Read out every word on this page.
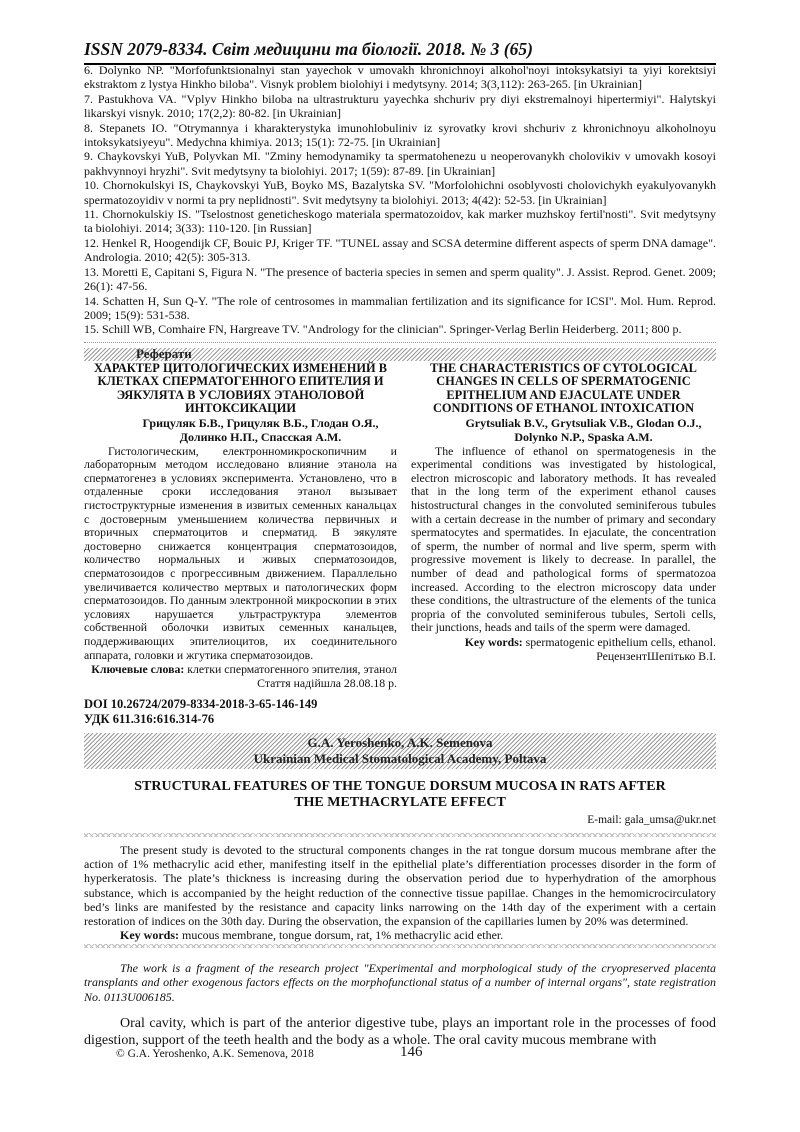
ISSN 2079-8334. Світ медицини та біології. 2018. № 3 (65)

6. Dolynko NP. "Morfofunktsionalnyi stan yayechok v umovakh khronichnoyi alkohol'noyi intoksykatsiyi ta yiyi korektsiyi ekstraktom z lystya Hinkho biloba". Visnyk problem biolohiyi i medytsyny. 2014; 3(3,112): 263-265. [in Ukrainian]

7. Pastukhova VA. "Vplyv Hinkho biloba na ultrastrukturu yayechka shchuriv pry diyi ekstremalnoyi hipertermiyi". Halytskyi likarskyi visnyk. 2010; 17(2,2): 80-82. [in Ukrainian]

8. Stepanets IO. "Otrymannya i kharakterystyka imunohlobuliniv iz syrovatky krovi shchuriv z khronichnoyu alkoholnoyu intoksykatsiyeyu". Medychna khimiya. 2013; 15(1): 72-75. [in Ukrainian]

9. Chaykovskyi YuB, Polyvkan MI. "Zminy hemodynamiky ta spermatohenezu u neoperovanykh cholovikiv v umovakh kosoyi pakhvynnoyi hryzhi". Svit medytsyny ta biolohiyi. 2017; 1(59): 87-89. [in Ukrainian]

10. Chornokulskyi IS, Chaykovskyi YuB, Boyko MS, Bazalytska SV. "Morfolohichni osoblyvosti cholovichykh eyakulyovanykh spermatozoyidiv v normi ta pry neplidnosti". Svit medytsyny ta biolohiyi. 2013; 4(42): 52-53. [in Ukrainian]

11. Chornokulskiy IS. "Tselostnost geneticheskogo materiala spermatozoidov, kak marker muzhskoy fertil'nosti". Svit medytsyny ta biolohiyi. 2014; 3(33): 110-120. [in Russian]

12. Henkel R, Hoogendijk CF, Bouic PJ, Kriger TF. "TUNEL assay and SCSA determine different aspects of sperm DNA damage". Andrologia. 2010; 42(5): 305-313.

13. Moretti E, Capitani S, Figura N. "The presence of bacteria species in semen and sperm quality". J. Assist. Reprod. Genet. 2009; 26(1): 47-56.

14. Schatten H, Sun Q-Y. "The role of centrosomes in mammalian fertilization and its significance for ICSI". Mol. Hum. Reprod. 2009; 15(9): 531-538.

15. Schill WB, Comhaire FN, Hargreave TV. "Andrology for the clinician". Springer-Verlag Berlin Heiderberg. 2011; 800 p.

Реферати
ХАРАКТЕР ЦИТОЛОГИЧЕСКИХ ИЗМЕНЕНИЙ В КЛЕТКАХ СПЕРМАТОГЕННОГО ЕПИТЕЛИЯ И ЭЯКУЛЯТА В УСЛОВИЯХ ЭТАНОЛОВОЙ ИНТОКСИКАЦИИ
Грицуляк Б.В., Грицуляк В.Б., Глодан О.Я., Долинко Н.П., Спасская А.М.

Гистологическим, електронномикроскопичним и лабораторным методом исследовано влияние этанола на сперматогенез в условиях эксперимента. Установлено, что в отдаленные сроки исследования этанол вызывает гистоструктурные изменения в извитых семенных канальцах с достоверным уменьшением количества первичных и вторичных сперматоцитов и сперматид. В эякуляте достоверно снижается концентрация сперматозоидов, количество нормальных и живых сперматозоидов, сперматозоидов с прогрессивным движением. Параллельно увеличивается количество мертвых и патологических форм сперматозоидов. По данным электронной микроскопии в этих условиях нарушается ультраструктура элементов собственной оболочки извитых семенных канальцев, поддерживающих эпителиоцитов, их соединительного аппарата, головки и жгутика сперматозоидов.

Ключевые слова: клетки сперматогенного эпителия, этанол

Стаття надійшла 28.08.18 р.

THE CHARACTERISTICS OF CYTOLOGICAL CHANGES IN CELLS OF SPERMATOGENIC EPITHELIUM AND EJACULATE UNDER CONDITIONS OF ETHANOL INTOXICATION
Grytsuliak B.V., Grytsuliak V.B., Glodan O.J., Dolynko N.P., Spaska A.M.

The influence of ethanol on spermatogenesis in the experimental conditions was investigated by histological, electron microscopic and laboratory methods. It has revealed that in the long term of the experiment ethanol causes histostructural changes in the convoluted seminiferous tubules with a certain decrease in the number of primary and secondary spermatocytes and spermatides. In ejaculate, the concentration of sperm, the number of normal and live sperm, sperm with progressive movement is likely to decrease. In parallel, the number of dead and pathological forms of spermatozoa increased. According to the electron microscopy data under these conditions, the ultrastructure of the elements of the tunica propria of the convoluted seminiferous tubules, Sertoli cells, their junctions, heads and tails of the sperm were damaged.

Key words: spermatogenic epithelium cells, ethanol.

РецензентШепітько В.І.

DOI 10.26724/2079-8334-2018-3-65-146-149
УДК 611.316:616.314-76
G.A. Yeroshenko, A.K. Semenova
Ukrainian Medical Stomatological Academy, Poltava
STRUCTURAL FEATURES OF THE TONGUE DORSUM MUCOSA IN RATS AFTER
THE METHACRYLATE EFFECT
E-mail: gala_umsa@ukr.net

The present study is devoted to the structural components changes in the rat tongue dorsum mucous membrane after the action of 1% methacrylic acid ether, manifesting itself in the epithelial plate’s differentiation processes disorder in the form of hyperkeratosis. The plate’s thickness is increasing during the observation period due to hyperhydration of the amorphous substance, which is accompanied by the height reduction of the connective tissue papillae. Changes in the hemomicrocirculatory bed’s links are manifested by the resistance and capacity links narrowing on the 14th day of the experiment with a certain restoration of indices on the 30th day. During the observation, the expansion of the capillaries lumen by 20% was determined.

Key words: mucous membrane, tongue dorsum, rat, 1% methacrylic acid ether.

The work is a fragment of the research project "Experimental and morphological study of the cryopreserved placenta transplants and other exogenous factors effects on the morphofunctional status of a number of internal organs", state registration No. 0113U006185.

Oral cavity, which is part of the anterior digestive tube, plays an important role in the processes of food digestion, support of the teeth health and the body as a whole. The oral cavity mucous membrane with

© G.A. Yeroshenko, A.K. Semenova, 2018	146
